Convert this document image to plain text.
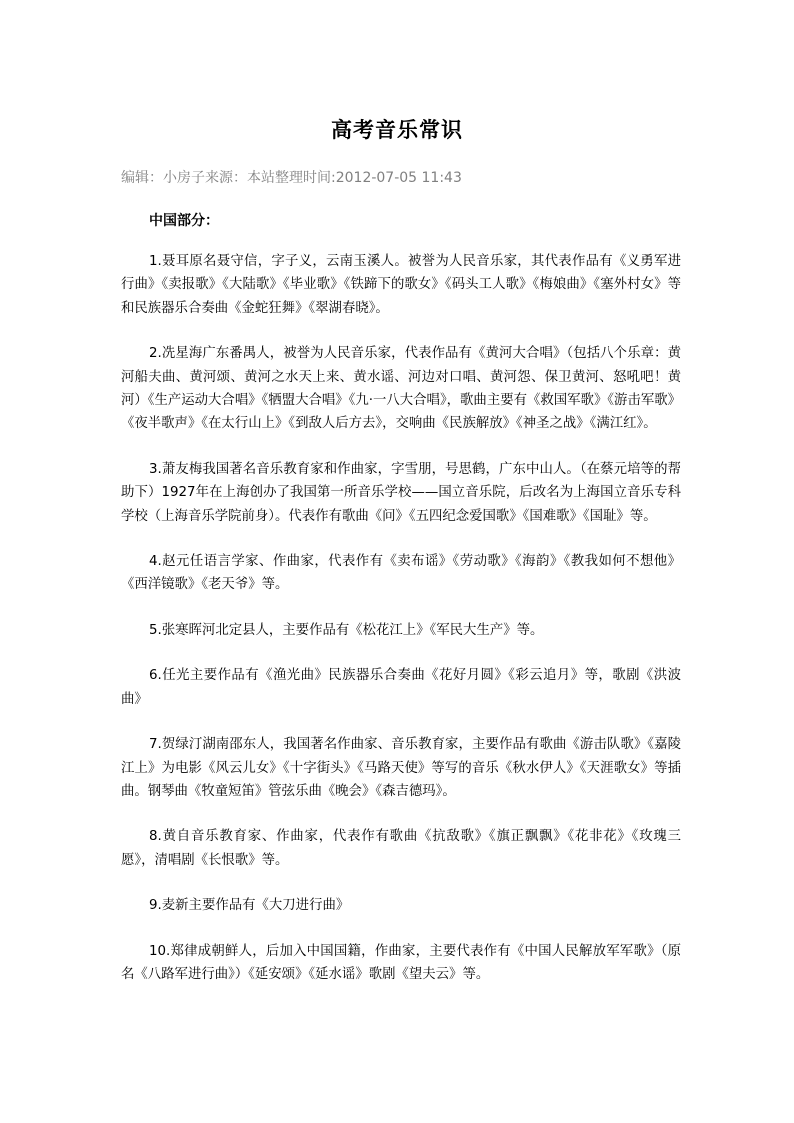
高考音乐常识

编辑：小房子来源：本站整理时间:2012-07-05 11:43

中国部分：

1.聂耳原名聂守信，字子义，云南玉溪人。被誉为人民音乐家，其代表作品有《义勇军进行曲》《卖报歌》《大陆歌》《毕业歌》《铁蹄下的歌女》《码头工人歌》《梅娘曲》《塞外村女》等和民族器乐合奏曲《金蛇狂舞》《翠湖春晓》。

2.冼星海广东番禺人，被誉为人民音乐家，代表作品有《黄河大合唱》（包括八个乐章：黄河船夫曲、黄河颂、黄河之水天上来、黄水谣、河边对口唱、黄河怨、保卫黄河、怒吼吧！黄河）《生产运动大合唱》《牺盟大合唱》《九·一八大合唱》，歌曲主要有《救国军歌》《游击军歌》《夜半歌声》《在太行山上》《到敌人后方去》，交响曲《民族解放》《神圣之战》《满江红》。

3.萧友梅我国著名音乐教育家和作曲家，字雪朋，号思鹤，广东中山人。（在蔡元培等的帮助下）1927年在上海创办了我国第一所音乐学校——国立音乐院，后改名为上海国立音乐专科学校（上海音乐学院前身）。代表作有歌曲《问》《五四纪念爱国歌》《国难歌》《国耻》等。

4.赵元任语言学家、作曲家，代表作有《卖布谣》《劳动歌》《海韵》《教我如何不想他》《西洋镜歌》《老天爷》等。

5.张寒晖河北定县人，主要作品有《松花江上》《军民大生产》等。

6.任光主要作品有《渔光曲》民族器乐合奏曲《花好月圆》《彩云追月》等，歌剧《洪波曲》

7.贺绿汀湖南邵东人，我国著名作曲家、音乐教育家，主要作品有歌曲《游击队歌》《嘉陵江上》为电影《风云儿女》《十字街头》《马路天使》等写的音乐《秋水伊人》《天涯歌女》等插曲。钢琴曲《牧童短笛》管弦乐曲《晚会》《森吉德玛》。

8.黄自音乐教育家、作曲家，代表作有歌曲《抗敌歌》《旗正飘飘》《花非花》《玫瑰三愿》，清唱剧《长恨歌》等。

9.麦新主要作品有《大刀进行曲》

10.郑律成朝鲜人，后加入中国国籍，作曲家，主要代表作有《中国人民解放军军歌》（原名《八路军进行曲》）《延安颂》《延水谣》歌剧《望夫云》等。
